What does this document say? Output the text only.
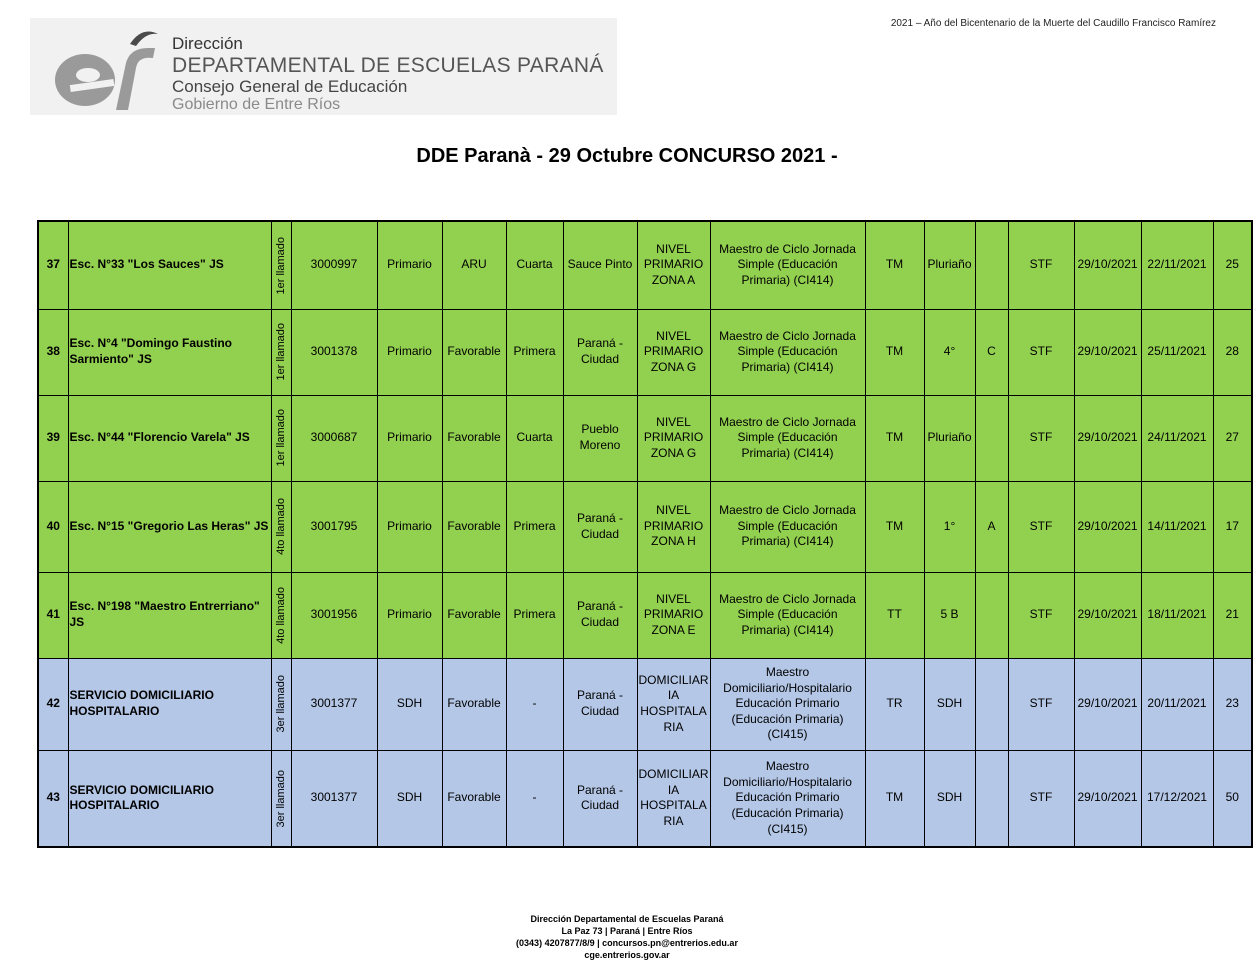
2021 – Año del Bicentenario de la Muerte del Caudillo Francisco Ramírez
Dirección
DEPARTAMENTAL DE ESCUELAS PARANÁ
Consejo General de Educación
Gobierno de Entre Ríos
DDE Paranà - 29 Octubre CONCURSO 2021 -
37	Esc. N°33 "Los Sauces" JS	1er llamado	3000997	Primario	ARU	Cuarta	Sauce Pinto	NIVEL PRIMARIO ZONA A	Maestro de Ciclo Jornada Simple (Educación Primaria) (CI414)	TM	Pluriaño		STF	29/10/2021	22/11/2021	25
38	Esc. N°4 "Domingo Faustino Sarmiento" JS	1er llamado	3001378	Primario	Favorable	Primera	Paraná - Ciudad	NIVEL PRIMARIO ZONA G	Maestro de Ciclo Jornada Simple (Educación Primaria) (CI414)	TM	4°	C	STF	29/10/2021	25/11/2021	28
39	Esc. N°44 "Florencio Varela" JS	1er llamado	3000687	Primario	Favorable	Cuarta	Pueblo Moreno	NIVEL PRIMARIO ZONA G	Maestro de Ciclo Jornada Simple (Educación Primaria) (CI414)	TM	Pluriaño		STF	29/10/2021	24/11/2021	27
40	Esc. N°15 "Gregorio Las Heras" JS	4to llamado	3001795	Primario	Favorable	Primera	Paraná - Ciudad	NIVEL PRIMARIO ZONA H	Maestro de Ciclo Jornada Simple (Educación Primaria) (CI414)	TM	1°	A	STF	29/10/2021	14/11/2021	17
41	Esc. N°198 "Maestro Entrerriano" JS	4to llamado	3001956	Primario	Favorable	Primera	Paraná - Ciudad	NIVEL PRIMARIO ZONA E	Maestro de Ciclo Jornada Simple (Educación Primaria) (CI414)	TT	5 B		STF	29/10/2021	18/11/2021	21
42	SERVICIO DOMICILIARIO HOSPITALARIO	3er llamado	3001377	SDH	Favorable	-	Paraná - Ciudad	DOMICILIAR IA HOSPITALA RIA	Maestro Domiciliario/Hospitalario Educación Primario (Educación Primaria) (CI415)	TR	SDH		STF	29/10/2021	20/11/2021	23
43	SERVICIO DOMICILIARIO HOSPITALARIO	3er llamado	3001377	SDH	Favorable	-	Paraná - Ciudad	DOMICILIAR IA HOSPITALA RIA	Maestro Domiciliario/Hospitalario Educación Primario (Educación Primaria) (CI415)	TM	SDH		STF	29/10/2021	17/12/2021	50
Dirección Departamental de Escuelas Paraná
La Paz 73 | Paraná | Entre Ríos
(0343) 4207877/8/9 | concursos.pn@entrerios.edu.ar
cge.entrerios.gov.ar
